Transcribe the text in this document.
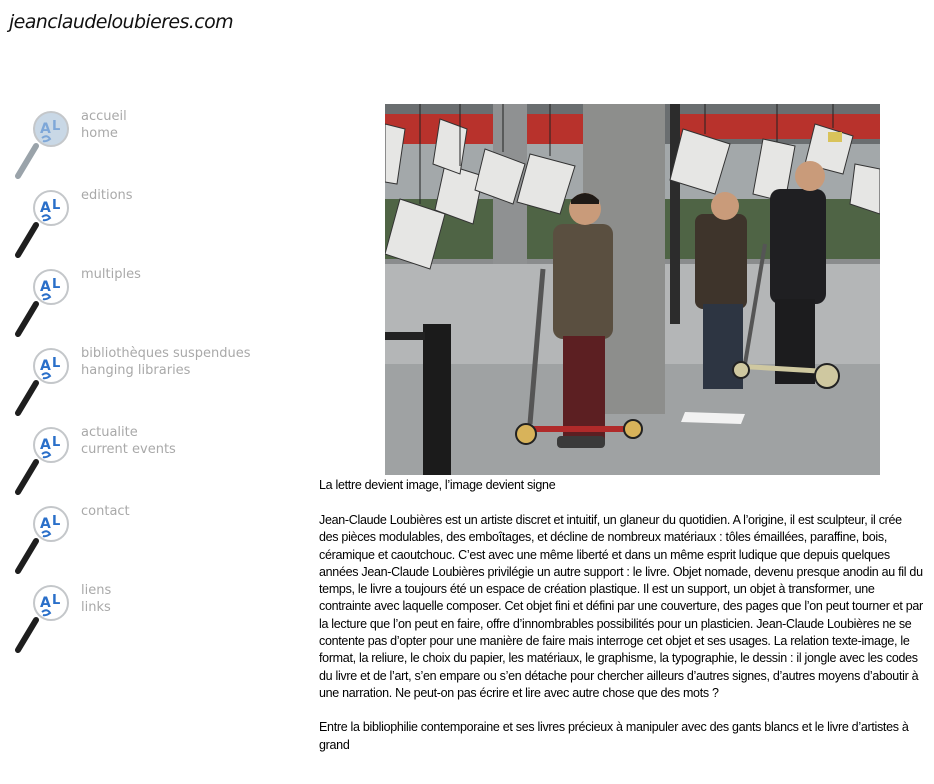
jeanclaudeloubieres.com
A L
accueil
home
A L
editions
A L
multiples
A L
bibliothèques suspendues
hanging libraries
A L
actualite
current events
A L
contact
A L
liens
links
La lettre devient image, l’image devient signe

Jean-Claude Loubières est un artiste discret et intuitif, un glaneur du quotidien. A l’origine, il est sculpteur, il crée des pièces modulables, des emboîtages, et décline de nombreux matériaux : tôles émaillées, paraffine, bois, céramique et caoutchouc. C’est avec une même liberté et dans un même esprit ludique que depuis quelques années Jean-Claude Loubières privilégie un autre support : le livre. Objet nomade, devenu presque anodin au fil du temps, le livre a toujours été un espace de création plastique. Il est un support, un objet à transformer, une contrainte avec laquelle composer. Cet objet fini et défini par une couverture, des pages que l’on peut tourner et par la lecture que l’on peut en faire, offre d’innombrables possibilités pour un plasticien. Jean-Claude Loubières ne se contente pas d’opter pour une manière de faire mais interroge cet objet et ses usages. La relation texte-image, le format, la reliure, le choix du papier, les matériaux, le graphisme, la typographie, le dessin : il jongle avec les codes du livre et de l’art, s’en empare ou s’en détache pour chercher ailleurs d’autres signes, d’autres moyens d’aboutir à une narration. Ne peut-on pas écrire et lire avec autre chose que des mots ?

Entre la bibliophilie contemporaine et ses livres précieux à manipuler avec des gants blancs et le livre d’artistes à grand
